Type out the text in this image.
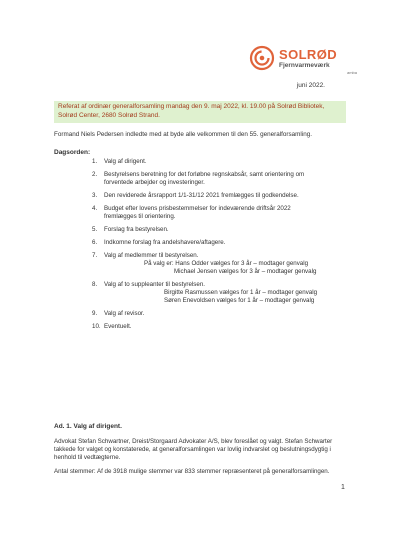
SOLRØD
Fjernvarmeværk
amba
juni 2022.
Referat af ordinær generalforsamling mandag den 9. maj 2022, kl. 19.00 på Solrød Bibliotek,
Solrød Center, 2680 Solrød Strand.
Formand Niels Pedersen indledte med at byde alle velkommen til den 55. generalforsamling.
Dagsorden:
1. Valg af dirigent.
2. Bestyrelsens beretning for det forløbne regnskabsår, samt orientering om
forventede arbejder og investeringer.
3. Den reviderede årsrapport 1/1-31/12 2021 fremlægges til godkendelse.
4. Budget efter lovens prisbestemmelser for indeværende driftsår 2022
fremlægges til orientering.
5. Forslag fra bestyrelsen.
6. Indkomne forslag fra andelshavere/aftagere.
7. Valg af medlemmer til bestyrelsen.
På valg er: Hans Odder vælges for 3 år – modtager genvalg
Michael Jensen vælges for 3 år – modtager genvalg
8. Valg af to suppleanter til bestyrelsen.
Birgitte Rasmussen vælges for 1 år – modtager genvalg
Søren Enevoldsen vælges for 1 år – modtager genvalg
9. Valg af revisor.
10. Eventuelt.
Ad. 1. Valg af dirigent.
Advokat Stefan Schwartner, Dreist/Storgaard Advokater A/S, blev foreslået og valgt. Stefan Schwarter takkede for valget og konstaterede, at generalforsamlingen var lovlig indvarslet og beslutningsdygtig i henhold til vedtægterne.
Antal stemmer: Af de 3918 mulige stemmer var 833 stemmer repræsenteret på generalforsamlingen.
1
